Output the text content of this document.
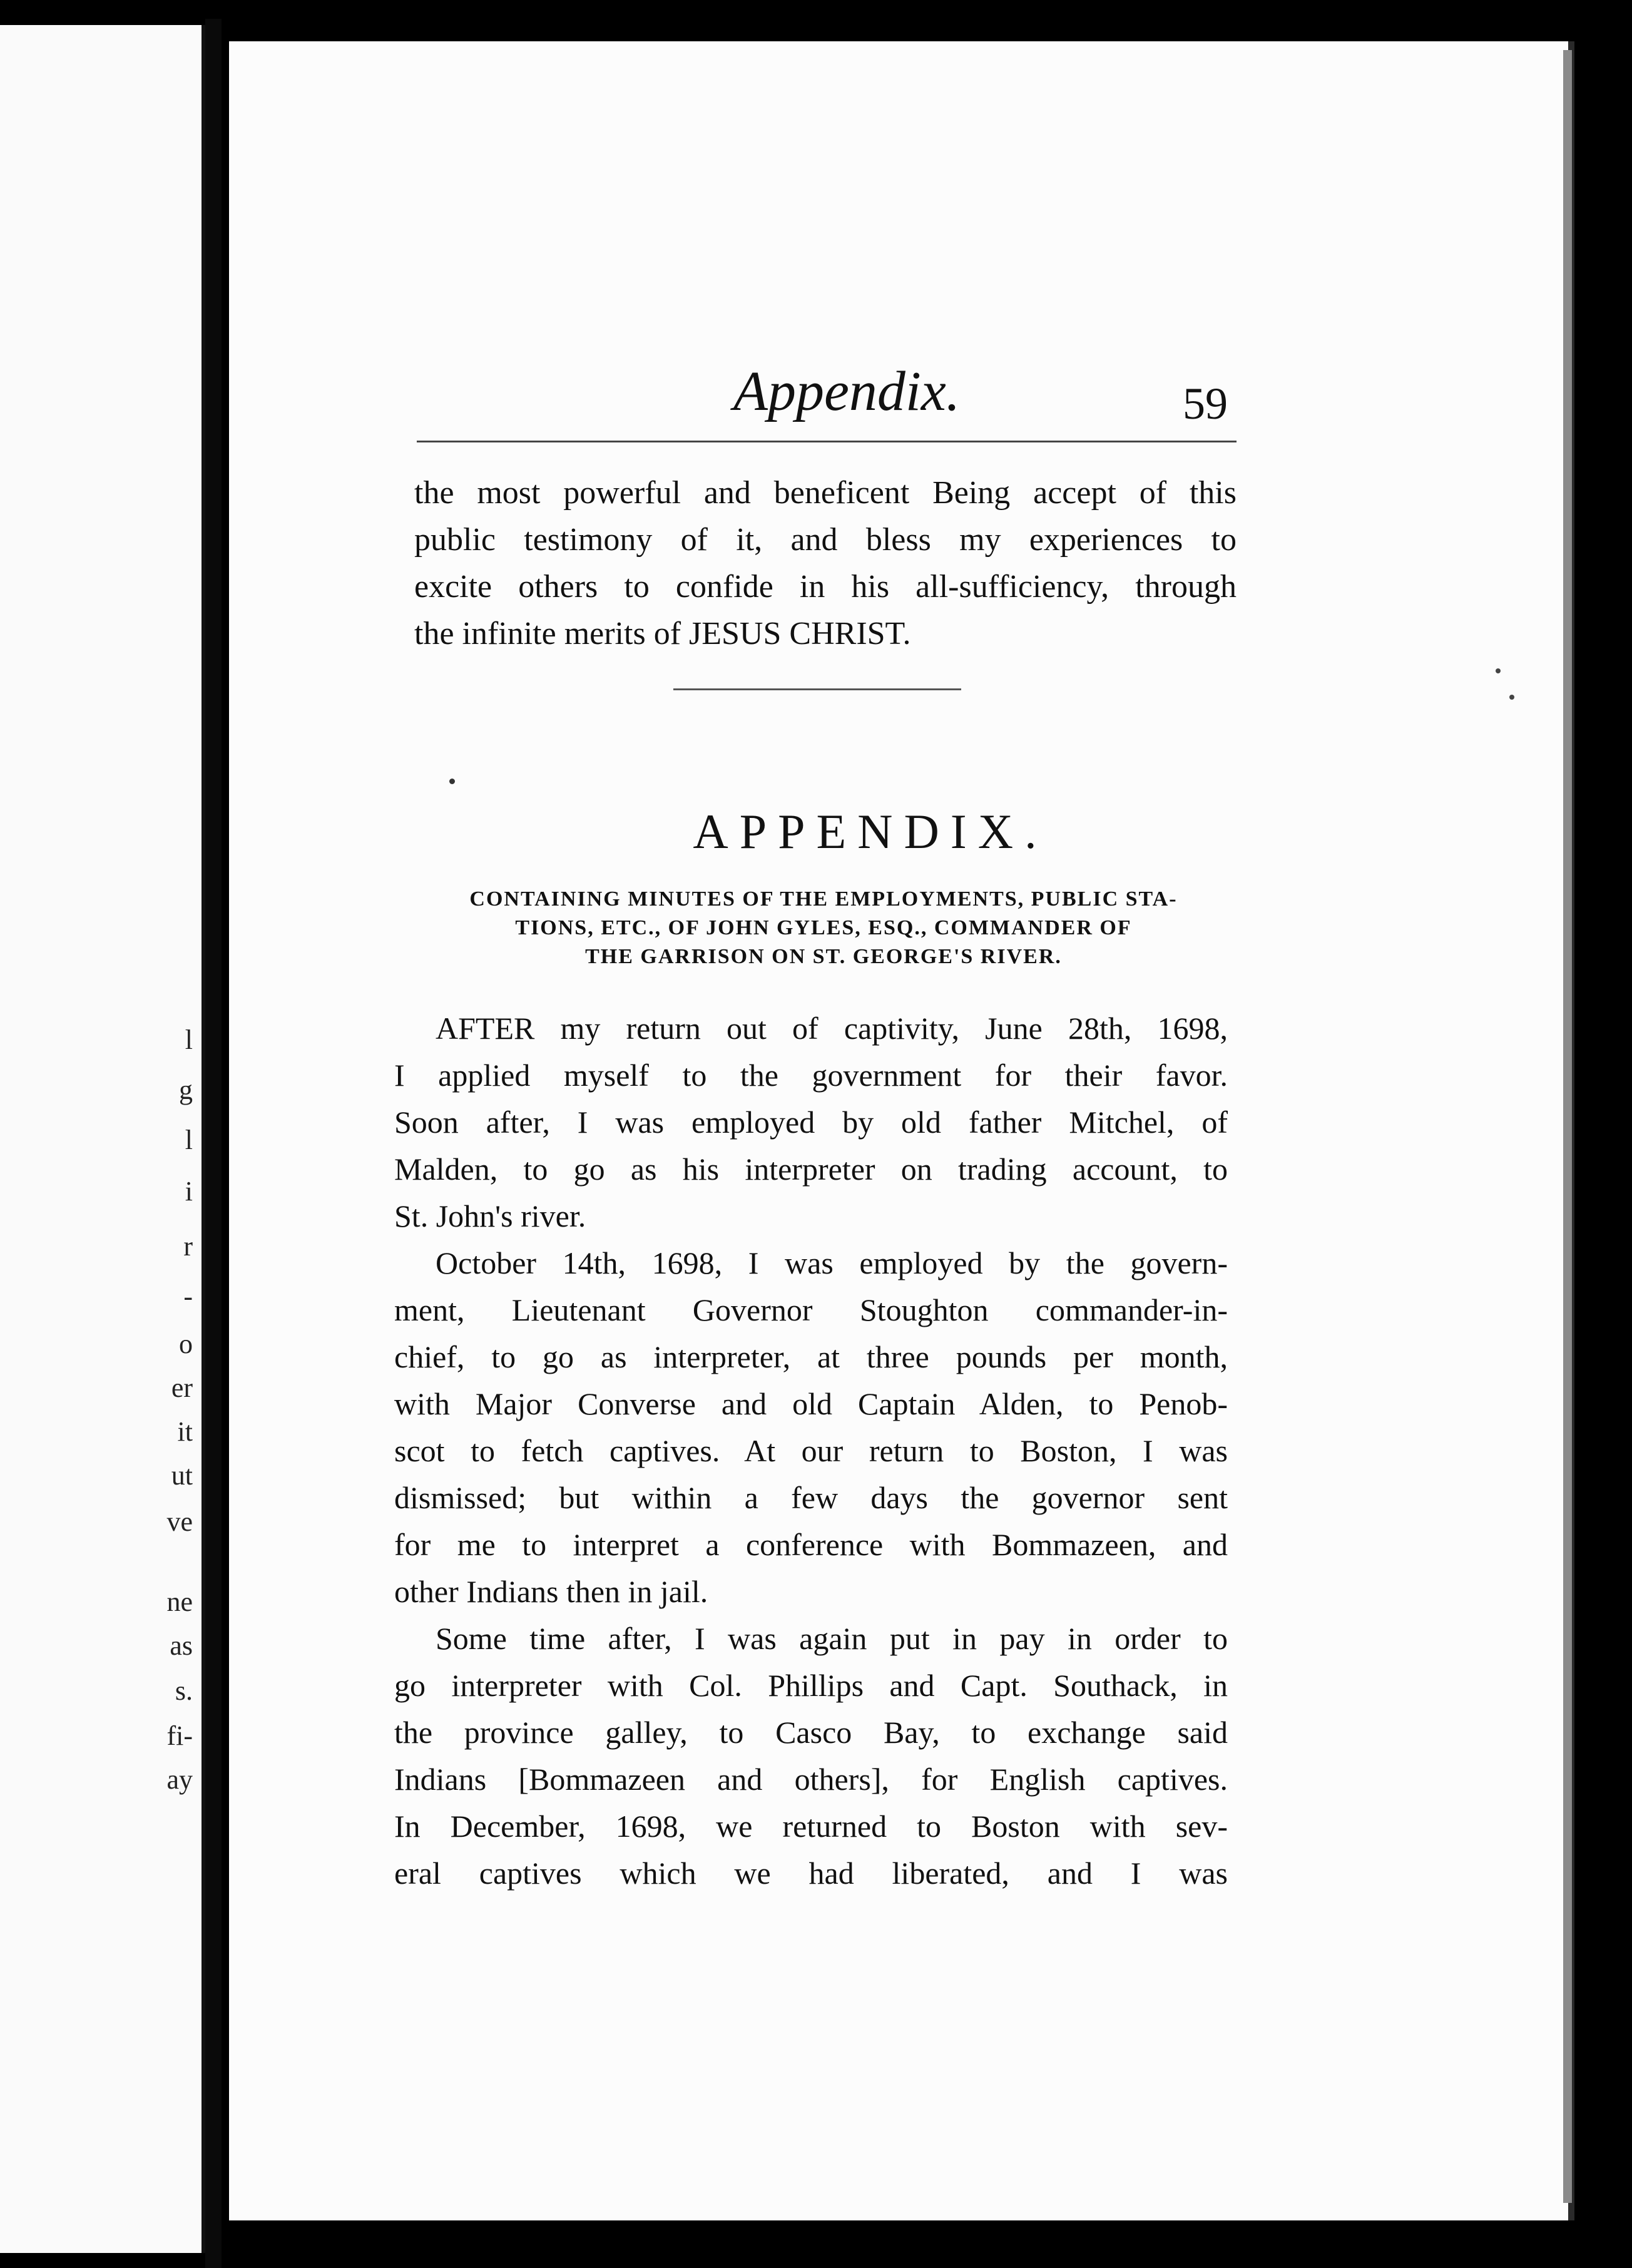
l
g
l
i
r
-
o
er
it
ut
ve
ne
as
s.
fi-
ay
Appendix.	59
the most powerful and beneficent Being accept of this
public testimony of it, and bless my experiences to
excite others to confide in his all-sufficiency, through
the infinite merits of JESUS CHRIST.
APPENDIX.
CONTAINING MINUTES OF THE EMPLOYMENTS, PUBLIC STA-
TIONS, ETC., OF JOHN GYLES, ESQ., COMMANDER OF
THE GARRISON ON ST. GEORGE'S RIVER.
AFTER my return out of captivity, June 28th, 1698,
I applied myself to the government for their favor.
Soon after, I was employed by old father Mitchel, of
Malden, to go as his interpreter on trading account, to
St. John's river.
October 14th, 1698, I was employed by the govern-
ment, Lieutenant Governor Stoughton commander-in-
chief, to go as interpreter, at three pounds per month,
with Major Converse and old Captain Alden, to Penob-
scot to fetch captives. At our return to Boston, I was
dismissed; but within a few days the governor sent
for me to interpret a conference with Bommazeen, and
other Indians then in jail.
Some time after, I was again put in pay in order to
go interpreter with Col. Phillips and Capt. Southack, in
the province galley, to Casco Bay, to exchange said
Indians [Bommazeen and others], for English captives.
In December, 1698, we returned to Boston with sev-
eral captives which we had liberated, and I was
